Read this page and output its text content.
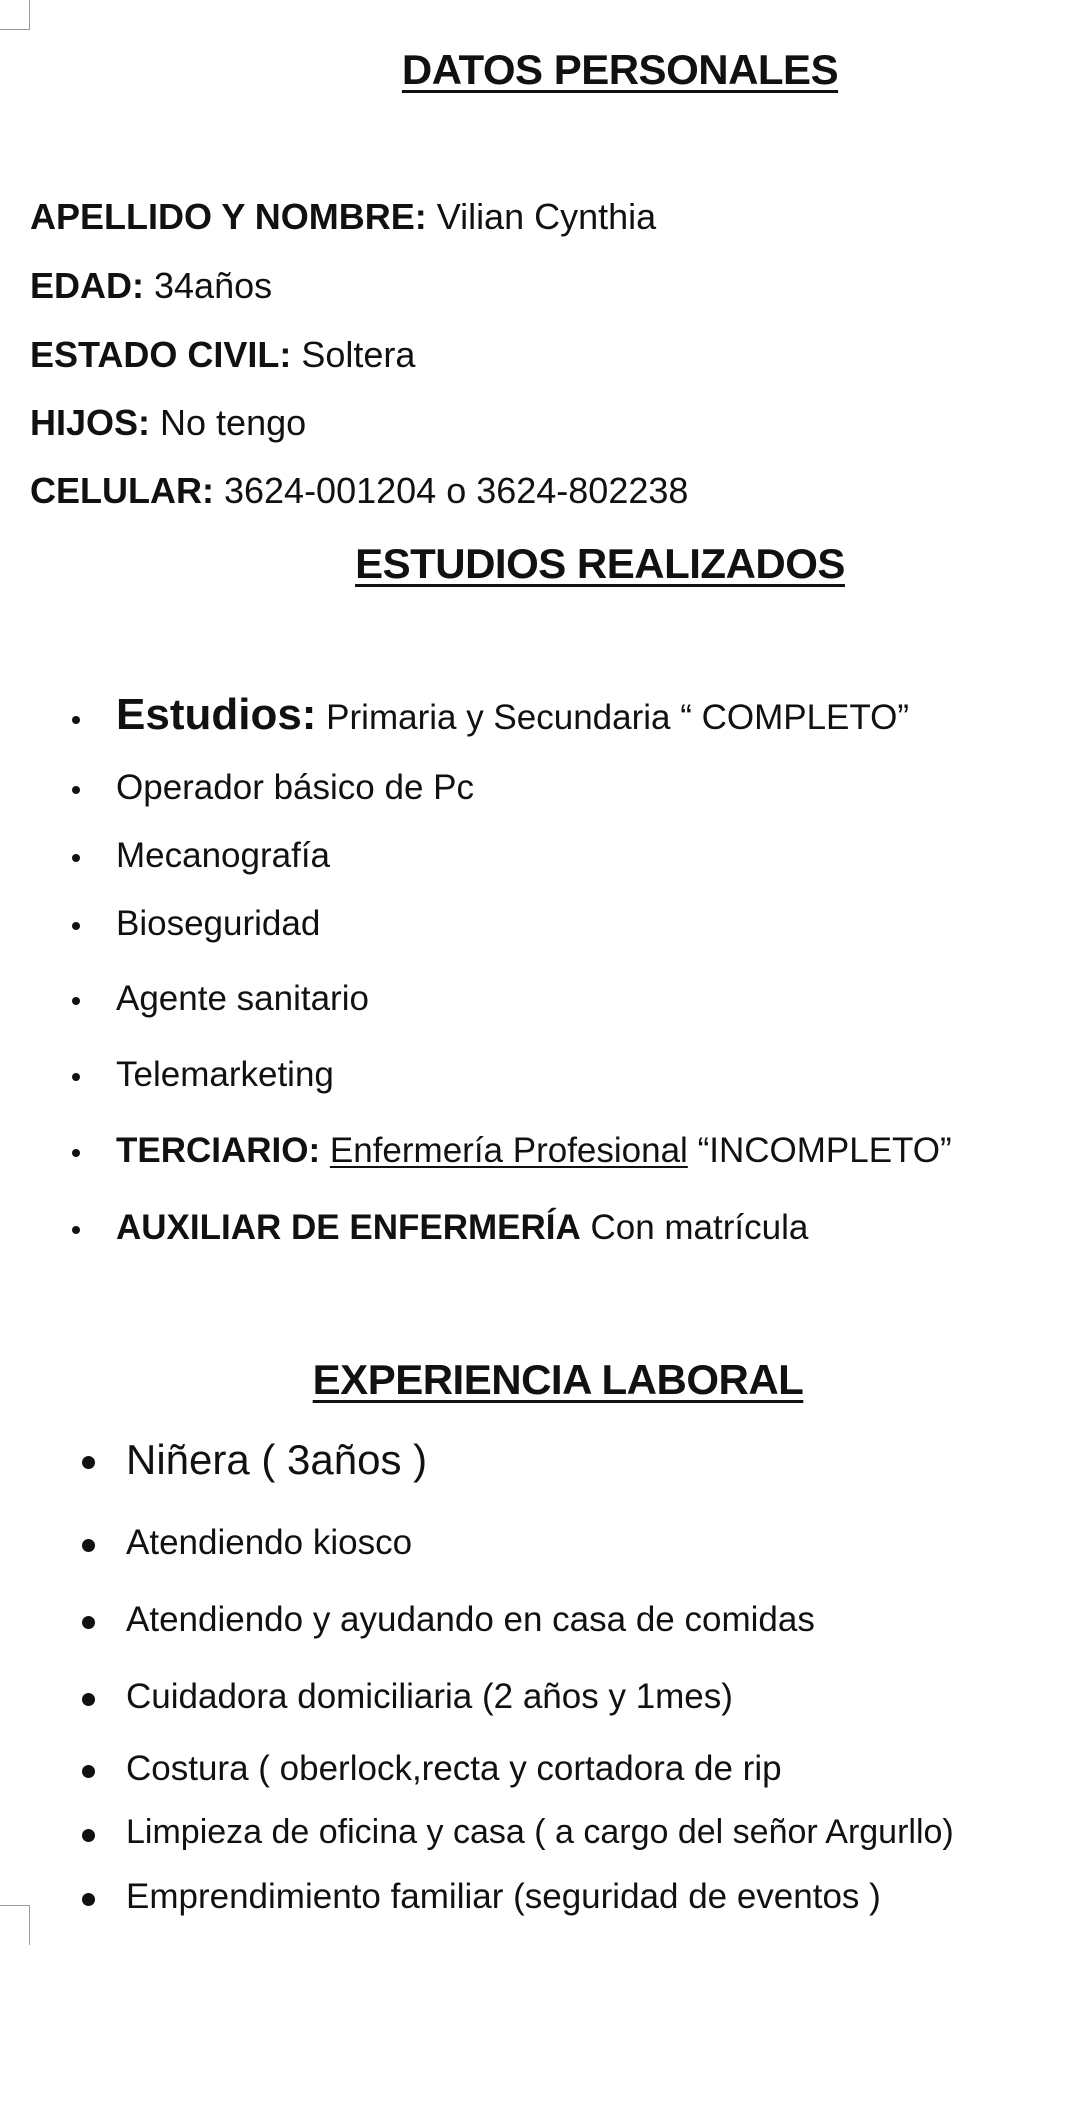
DATOS PERSONALES
APELLIDO Y NOMBRE: Vilian Cynthia
EDAD: 34años
ESTADO CIVIL: Soltera
HIJOS: No tengo
CELULAR: 3624-001204 o 3624-802238
ESTUDIOS REALIZADOS
Estudios: Primaria y Secundaria “ COMPLETO”
Operador básico de Pc
Mecanografía
Bioseguridad
Agente sanitario
Telemarketing
TERCIARIO: Enfermería Profesional “INCOMPLETO”
AUXILIAR DE ENFERMERÍA Con matrícula
EXPERIENCIA LABORAL
Niñera ( 3años )
Atendiendo kiosco
Atendiendo y ayudando en casa de comidas
Cuidadora domiciliaria (2 años y 1mes)
Costura ( oberlock,recta y cortadora de rip
Limpieza de oficina y casa ( a cargo del señor Argurllo)
Emprendimiento familiar (seguridad de eventos )
